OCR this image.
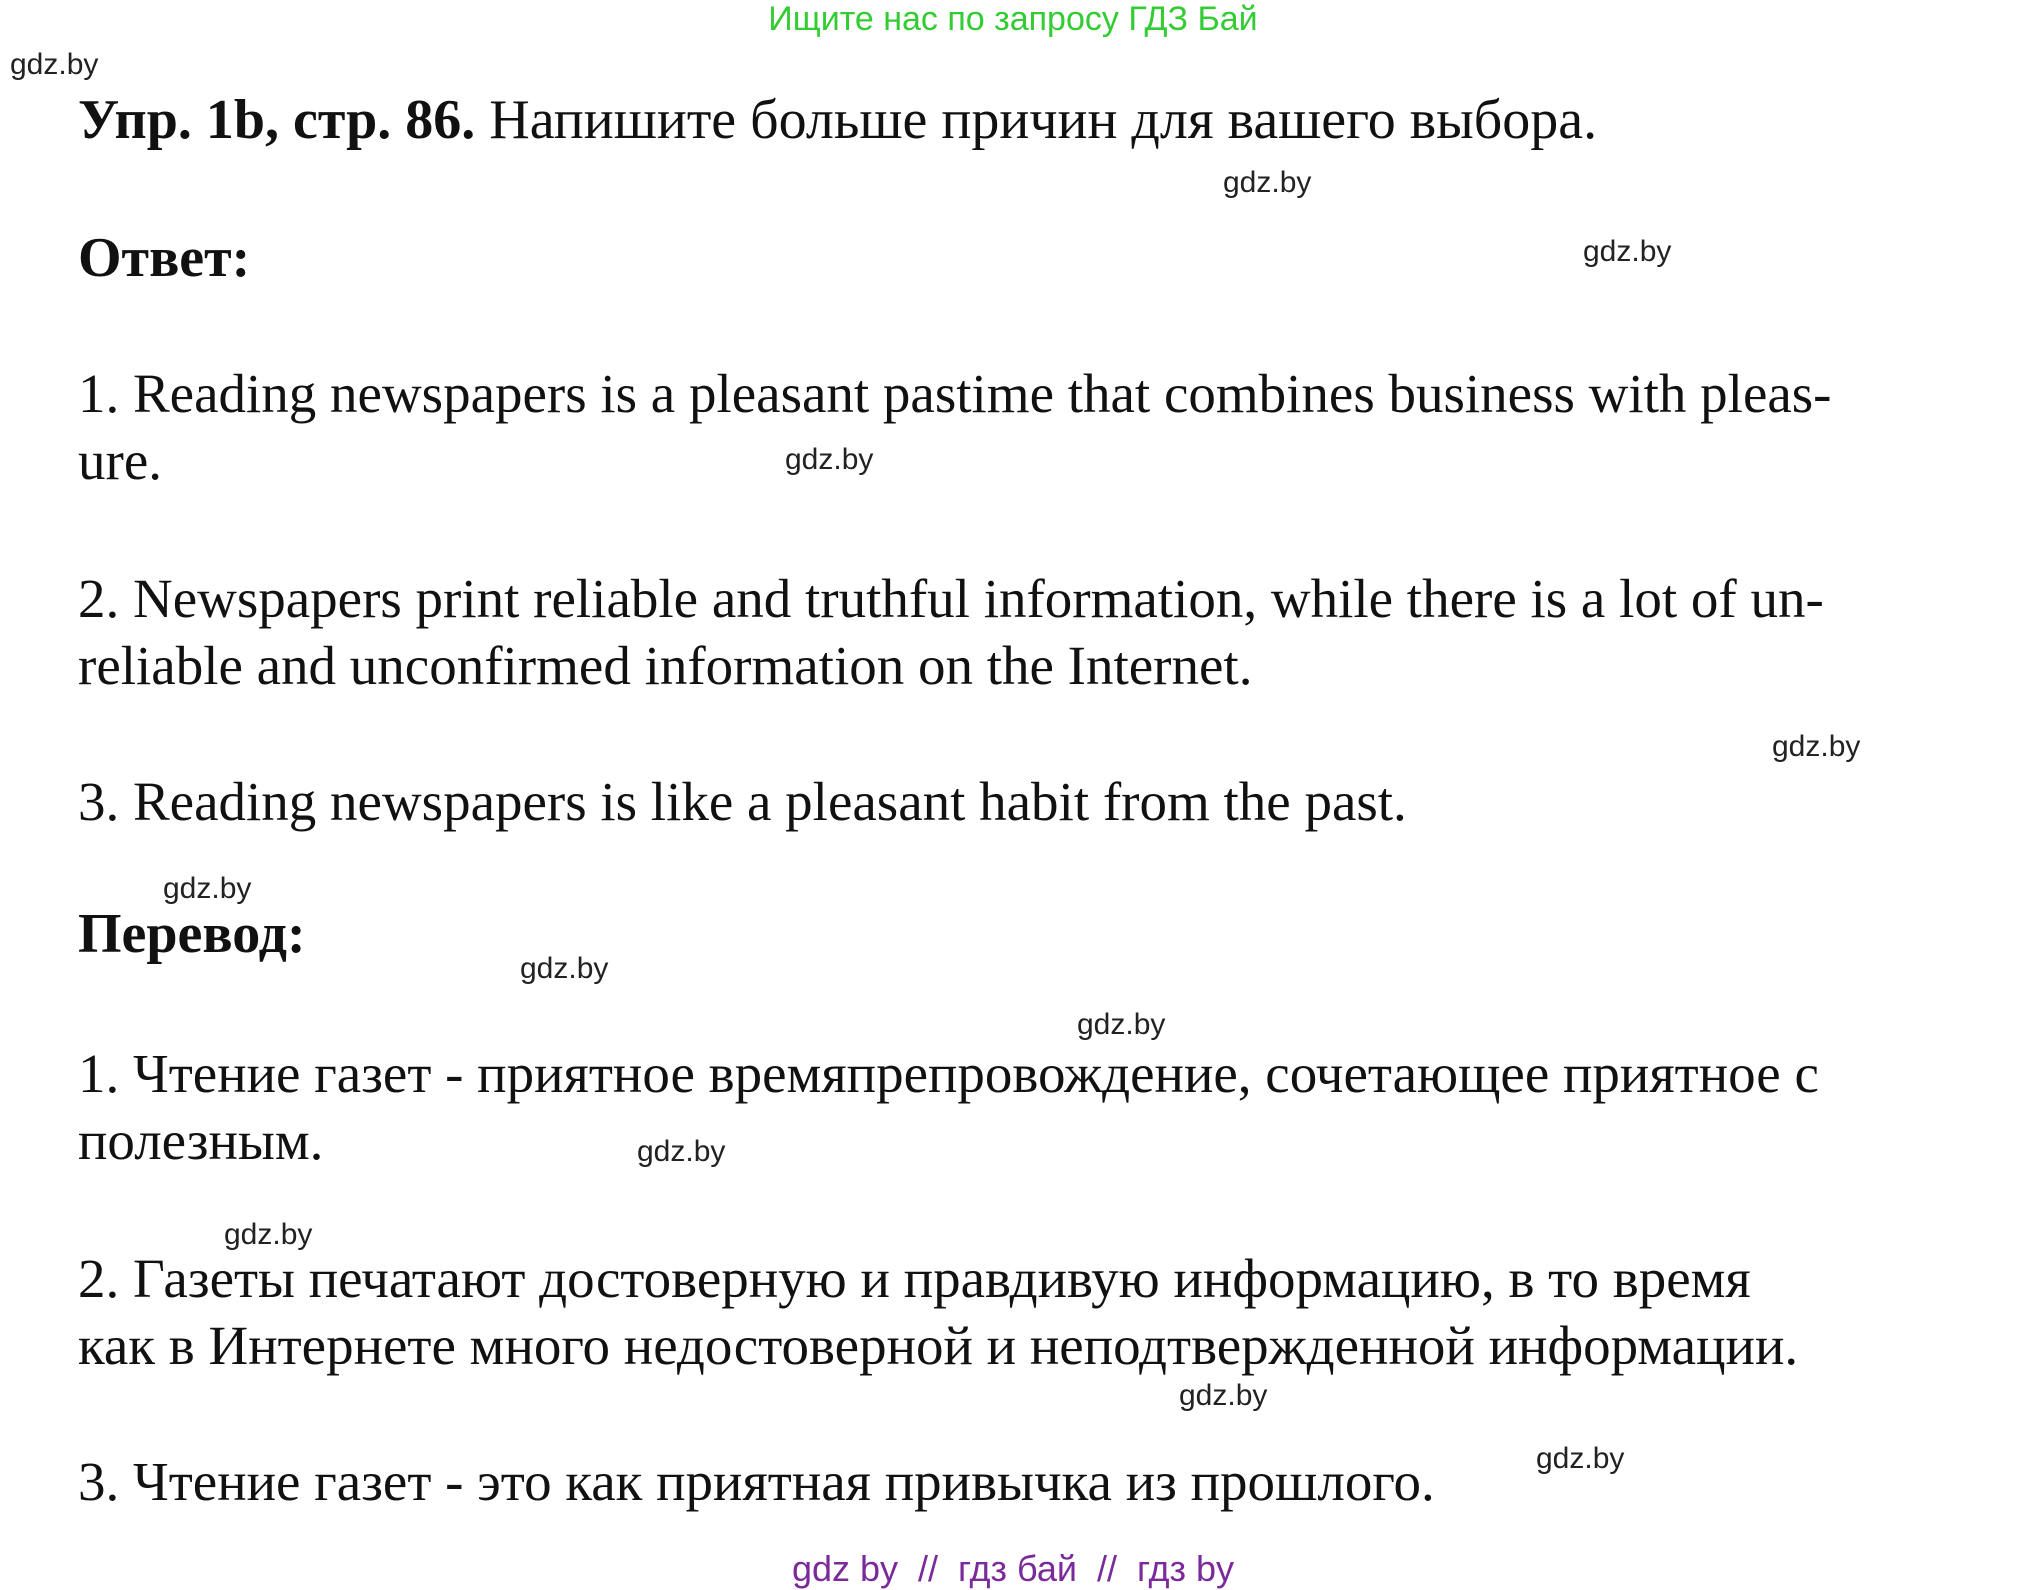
Ищите нас по запросу ГДЗ Бай
gdz.by
gdz.by
gdz.by
gdz.by
gdz.by
gdz.by
gdz.by
gdz.by
gdz.by
gdz.by
gdz.by
gdz.by
Упр. 1b, стр. 86. Напишите больше причин для вашего выбора.
Ответ:
1. Reading newspapers is a pleasant pastime that combines business with pleas-
ure.
2. Newspapers print reliable and truthful information, while there is a lot of un-
reliable and unconfirmed information on the Internet.
3. Reading newspapers is like a pleasant habit from the past.
Перевод:
1. Чтение газет - приятное времяпрепровождение, сочетающее приятное с
полезным.
2. Газеты печатают достоверную и правдивую информацию, в то время
как в Интернете много недостоверной и неподтвержденной информации.
3. Чтение газет - это как приятная привычка из прошлого.
gdz by // гдз бай // гдз by
